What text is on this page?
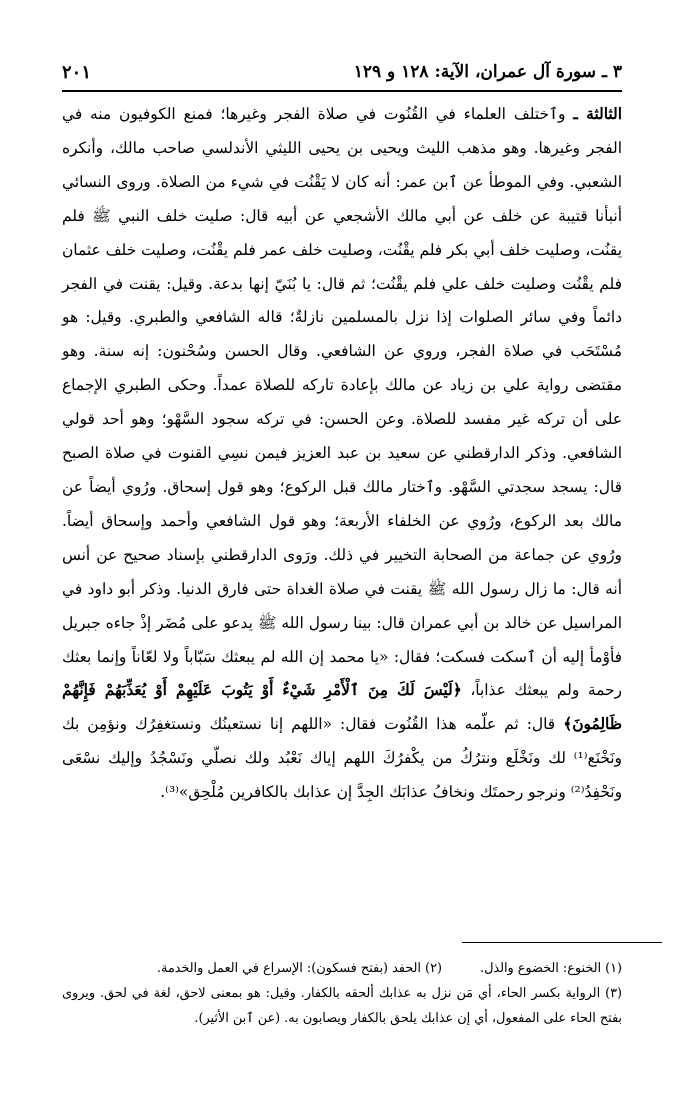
٢٠١	٣ ـ سورة آل عمران، الآية: ١٢٨ و ١٢٩
الثالثة ـ وٱختلف العلماء في القُنُوت في صلاة الفجر وغيرها؛ فمنع الكوفيون منه في الفجر وغيرها. وهو مذهب الليث ويحيى بن يحيى الليثي الأندلسي صاحب مالك، وأنكره الشعبي. وفي الموطأ عن ٱبن عمر: أنه كان لا يَقْنُت في شيء من الصلاة. وروى النسائي أنبأنا قتيبة عن خلف عن أبي مالك الأشجعي عن أبيه قال: صليت خلف النبي ﷺ فلم يقنُت، وصليت خلف أبي بكر فلم يقْنُت، وصليت خلف عمر فلم يقْنُت، وصليت خلف عثمان فلم يقْنُت وصليت خلف علي فلم يقْنُت؛ ثم قال: يا بُنَيّ إنها بدعة. وقيل: يقنت في الفجر دائماً وفي سائر الصلوات إذا نزل بالمسلمين نازلةٌ؛ قاله الشافعي والطبري. وقيل: هو مُسْتَحَب في صلاة الفجر، وروي عن الشافعي. وقال الحسن وسُحْنون: إنه سنة. وهو مقتضى رواية علي بن زياد عن مالك بإعادة تاركه للصلاة عمداً. وحكى الطبري الإجماع على أن تركه غير مفسد للصلاة. وعن الحسن: في تركه سجود السَّهْو؛ وهو أحد قولي الشافعي. وذكر الدارقطني عن سعيد بن عبد العزيز فيمن نسِي القنوت في صلاة الصبح قال: يسجد سجدتي السَّهْو. وٱختار مالك قبل الركوع؛ وهو قول إسحاق. ورُوي أيضاً عن مالك بعد الركوع، ورُوي عن الخلفاء الأربعة؛ وهو قول الشافعي وأحمد وإسحاق أيضاً. ورُوي عن جماعة من الصحابة التخيير في ذلك. ورَوى الدارقطني بإسناد صحيح عن أنس أنه قال: ما زال رسول الله ﷺ يقنت في صلاة الغداة حتى فارق الدنيا. وذكر أبو داود في المراسيل عن خالد بن أبي عمران قال: بينا رسول الله ﷺ يدعو على مُضَر إذْ جاءه جبريل فأوْمأ إليه أن ٱسكت فسكت؛ فقال: «يا محمد إن الله لم يبعثك سَبّاباً ولا لعّاناً وإنما بعثك رحمة ولم يبعثك عذاباً، ﴿لَيْسَ لَكَ مِنَ ٱلْأَمْرِ شَيْءٌ أَوْ يَتُوبَ عَلَيْهِمْ أَوْ يُعَذِّبَهُمْ فَإِنَّهُمْ ظَالِمُونَ﴾ قال: ثم علّمه هذا القُنُوت فقال: «اللهم إنا نستعينُك ونستغفِرُك ونؤمِن بك ونَخْنَع⁽¹⁾ لك ونَخْلَع ونترُكُ من يكْفرُكَ اللهم إياك نَعْبُد ولك نصلّي ونَسْجُدُ وإليك نسْعَى ونَحْفِدُ⁽²⁾ ونرجو رحمتَك ونخافُ عذابَك الجِدَّ إن عذابك بالكافرين مُلْحِق»⁽³⁾.
(١) الخنوع: الخضوع والذل. (٢) الحفد (بفتح فسكون): الإسراع في العمل والخدمة.
(٣) الرواية بكسر الحاء، أي مَن نزل به عذابك ألحقه بالكفار. وقيل: هو بمعنى لاحق، لغة في لحق. ويروى بفتح الحاء على المفعول، أي إن عذابك يلحق بالكفار ويصابون به. (عن ٱبن الأثير).
